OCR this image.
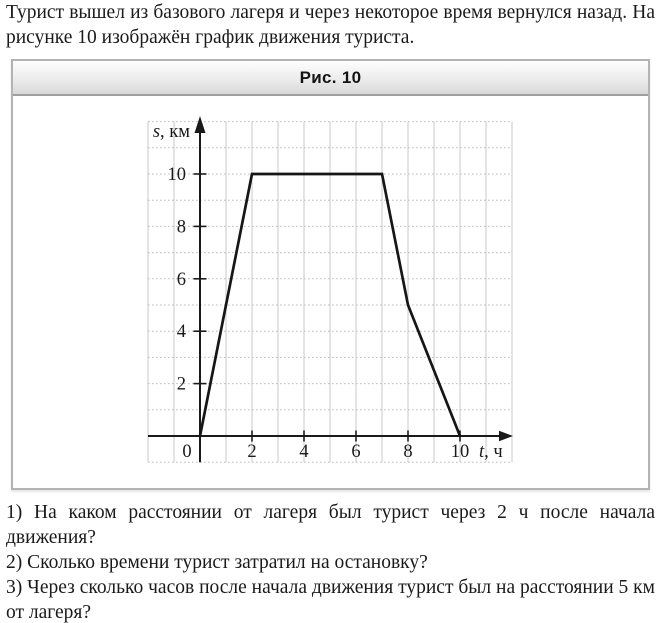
Турист вышел из базового лагеря и через некоторое время вернулся назад. На рисунке 10 изображён график движения туриста.

Рис. 10
2 4 6 8 10
2
4
6
8
10
0
s, км
t, ч

1) На каком расстоянии от лагеря был турист через 2 ч после начала движения?

2) Сколько времени турист затратил на остановку?

3) Через сколько часов после начала движения турист был на расстоянии 5 км от лагеря?
